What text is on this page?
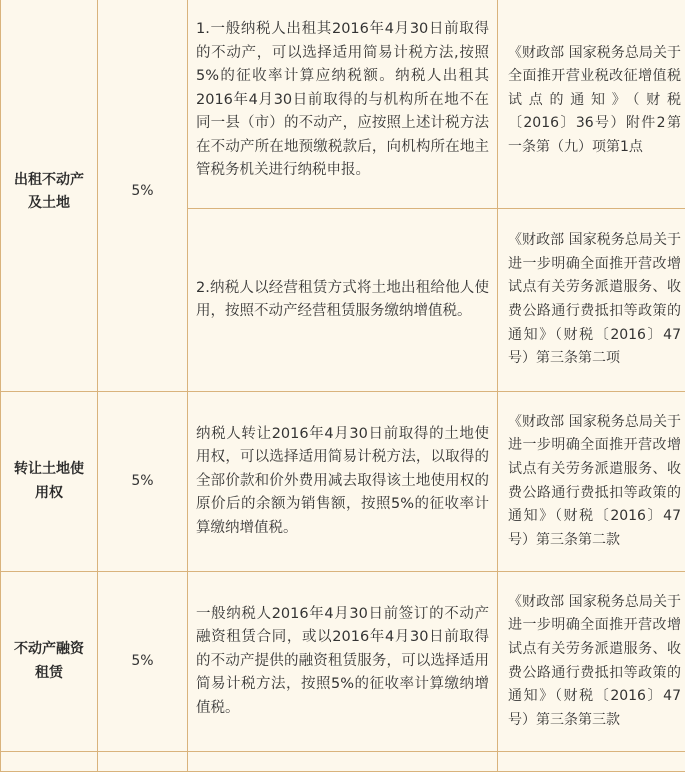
出租不动产及土地	5%	1.一般纳税人出租其2016年4月30日前取得的不动产，可以选择适用简易计税方法,按照5%的征收率计算应纳税额。纳税人出租其2016年4月30日前取得的与机构所在地不在同一县（市）的不动产，应按照上述计税方法在不动产所在地预缴税款后，向机构所在地主管税务机关进行纳税申报。	《财政部 国家税务总局关于全面推开营业税改征增值税试点的通知》（财税〔2016〕36号）附件2第一条第（九）项第1点

		2.纳税人以经营租赁方式将土地出租给他人使用，按照不动产经营租赁服务缴纳增值税。	《财政部 国家税务总局关于进一步明确全面推开营改增试点有关劳务派遣服务、收费公路通行费抵扣等政策的通知》（财税〔2016〕47号）第三条第二项

转让土地使用权	5%	纳税人转让2016年4月30日前取得的土地使用权，可以选择适用简易计税方法，以取得的全部价款和价外费用减去取得该土地使用权的原价后的余额为销售额，按照5%的征收率计算缴纳增值税。	《财政部 国家税务总局关于进一步明确全面推开营改增试点有关劳务派遣服务、收费公路通行费抵扣等政策的通知》（财税〔2016〕47号）第三条第二款

不动产融资租赁	5%	一般纳税人2016年4月30日前签订的不动产融资租赁合同，或以2016年4月30日前取得的不动产提供的融资租赁服务，可以选择适用简易计税方法，按照5%的征收率计算缴纳增值税。	《财政部 国家税务总局关于进一步明确全面推开营改增试点有关劳务派遣服务、收费公路通行费抵扣等政策的通知》（财税〔2016〕47号）第三条第三款
